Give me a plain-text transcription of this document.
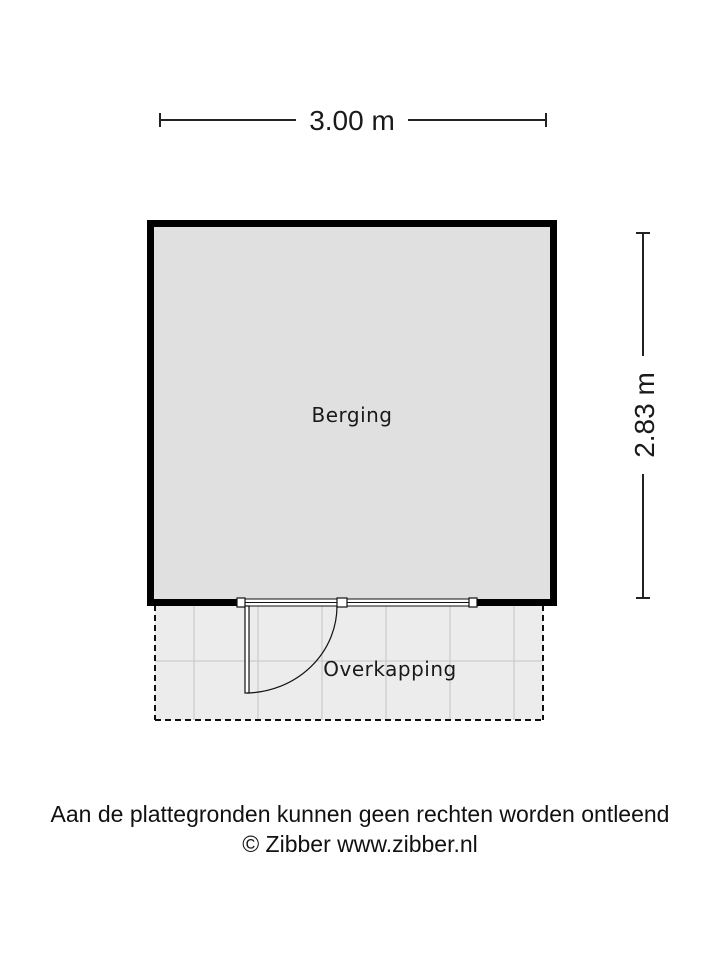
3.00 m
2.83 m
Berging
Overkapping
Aan de plattegronden kunnen geen rechten worden ontleend
© Zibber www.zibber.nl
